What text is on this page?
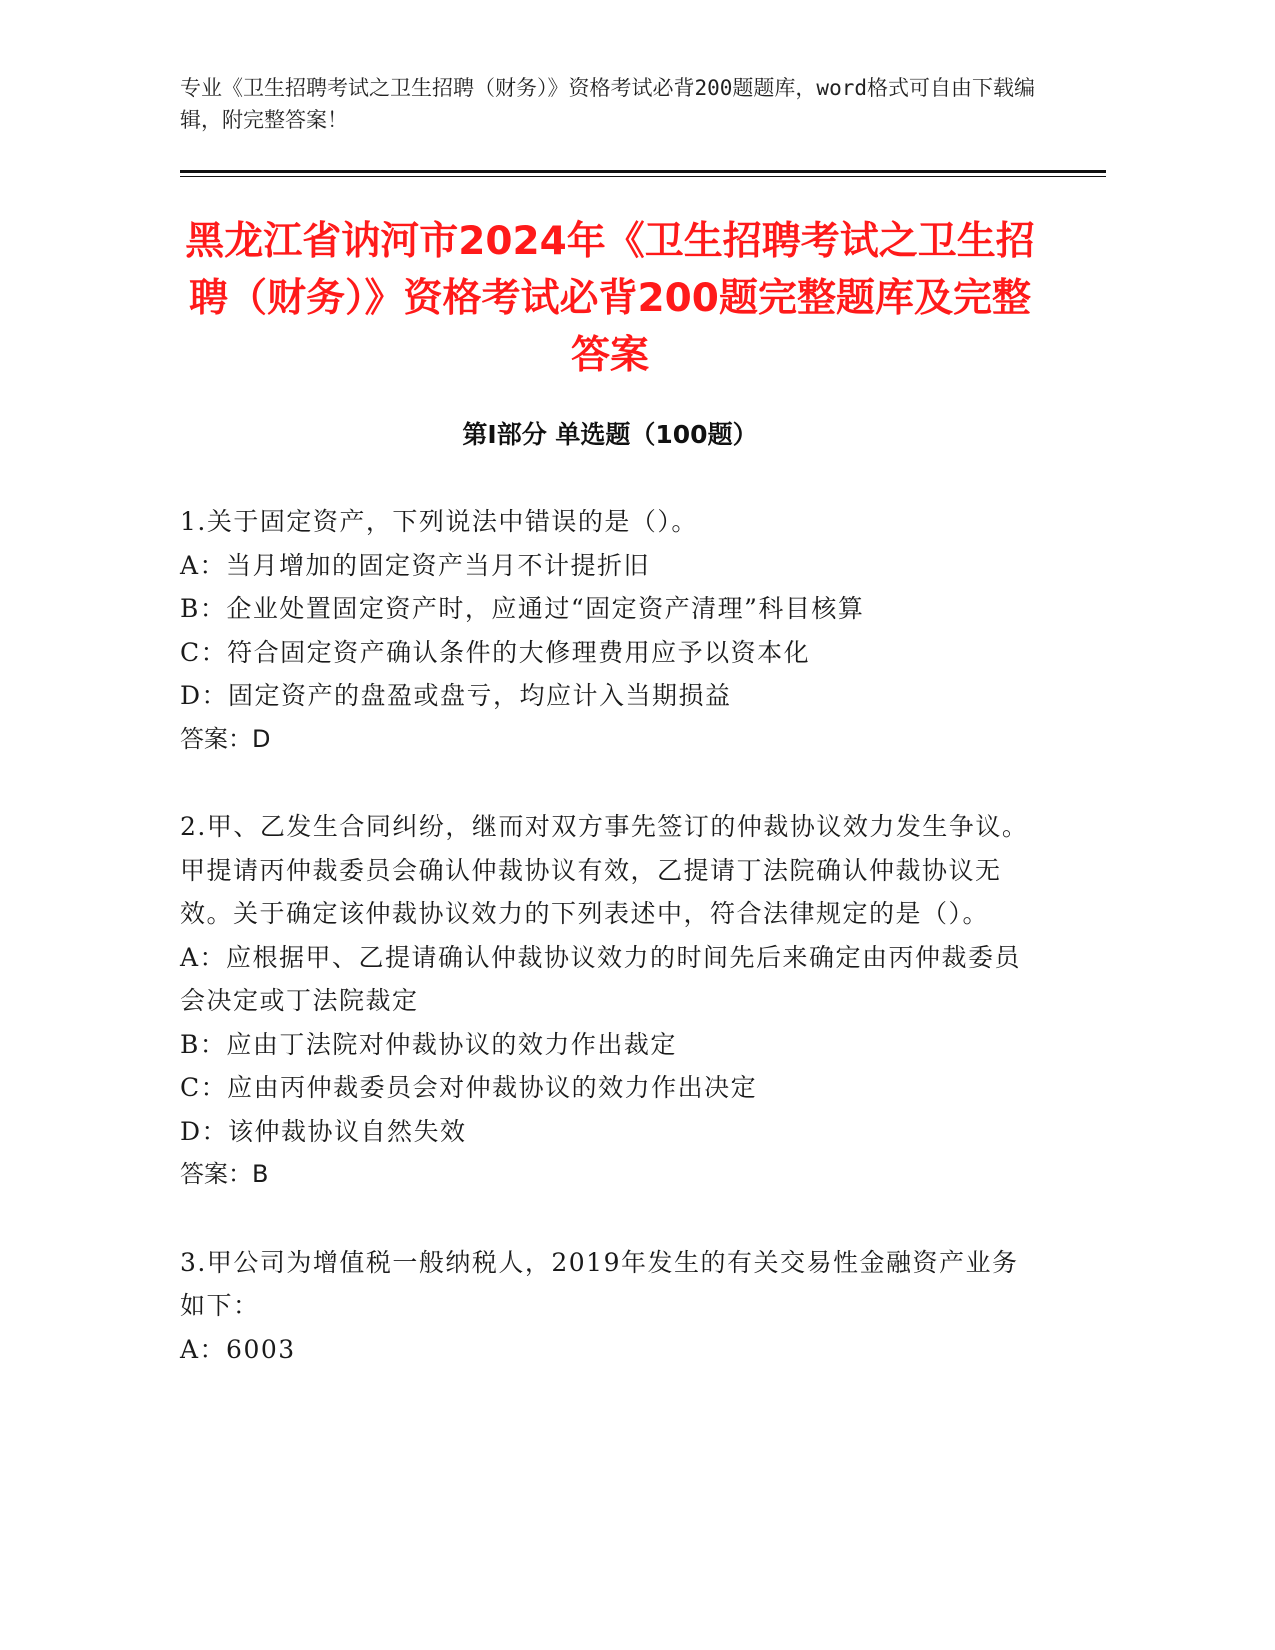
专业《卫生招聘考试之卫生招聘（财务）》资格考试必背200题题库，word格式可自由下载编辑，附完整答案！
黑龙江省讷河市2024年《卫生招聘考试之卫生招聘（财务）》资格考试必背200题完整题库及完整答案
第Ⅰ部分 单选题（100题）

1.关于固定资产，下列说法中错误的是（）。

A：当月增加的固定资产当月不计提折旧

B：企业处置固定资产时，应通过“固定资产清理”科目核算

C：符合固定资产确认条件的大修理费用应予以资本化

D：固定资产的盘盈或盘亏，均应计入当期损益

答案：D

2.甲、乙发生合同纠纷，继而对双方事先签订的仲裁协议效力发生争议。甲提请丙仲裁委员会确认仲裁协议有效，乙提请丁法院确认仲裁协议无效。关于确定该仲裁协议效力的下列表述中，符合法律规定的是（）。

A：应根据甲、乙提请确认仲裁协议效力的时间先后来确定由丙仲裁委员会决定或丁法院裁定

B：应由丁法院对仲裁协议的效力作出裁定

C：应由丙仲裁委员会对仲裁协议的效力作出决定

D：该仲裁协议自然失效

答案：B

3.甲公司为增值税一般纳税人，2019年发生的有关交易性金融资产业务如下：

A：6003
